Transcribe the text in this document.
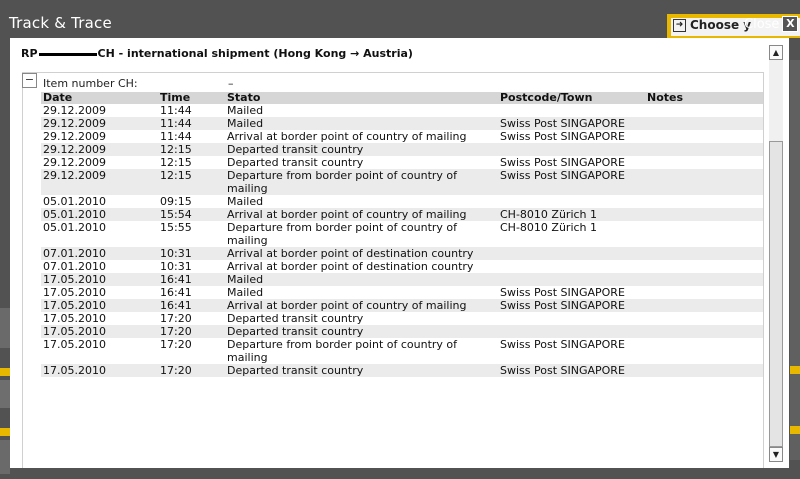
➜ Choose y
Track & Trace	Close X
RP	CH - international shipment (Hong Kong → Austria)
− Item number CH:	–
Date	Time	Stato	Postcode/Town	Notes
29.12.2009	11:44	Mailed		
29.12.2009	11:44	Mailed	Swiss Post SINGAPORE	
29.12.2009	11:44	Arrival at border point of country of mailing	Swiss Post SINGAPORE	
29.12.2009	12:15	Departed transit country		
29.12.2009	12:15	Departed transit country	Swiss Post SINGAPORE	
29.12.2009	12:15	Departure from border point of country of mailing	Swiss Post SINGAPORE	
05.01.2010	09:15	Mailed		
05.01.2010	15:54	Arrival at border point of country of mailing	CH-8010 Zürich 1	
05.01.2010	15:55	Departure from border point of country of mailing	CH-8010 Zürich 1	
07.01.2010	10:31	Arrival at border point of destination country		
07.01.2010	10:31	Arrival at border point of destination country		
17.05.2010	16:41	Mailed		
17.05.2010	16:41	Mailed	Swiss Post SINGAPORE	
17.05.2010	16:41	Arrival at border point of country of mailing	Swiss Post SINGAPORE	
17.05.2010	17:20	Departed transit country		
17.05.2010	17:20	Departed transit country		
17.05.2010	17:20	Departure from border point of country of mailing	Swiss Post SINGAPORE	
17.05.2010	17:20	Departed transit country	Swiss Post SINGAPORE	
▲
▼
